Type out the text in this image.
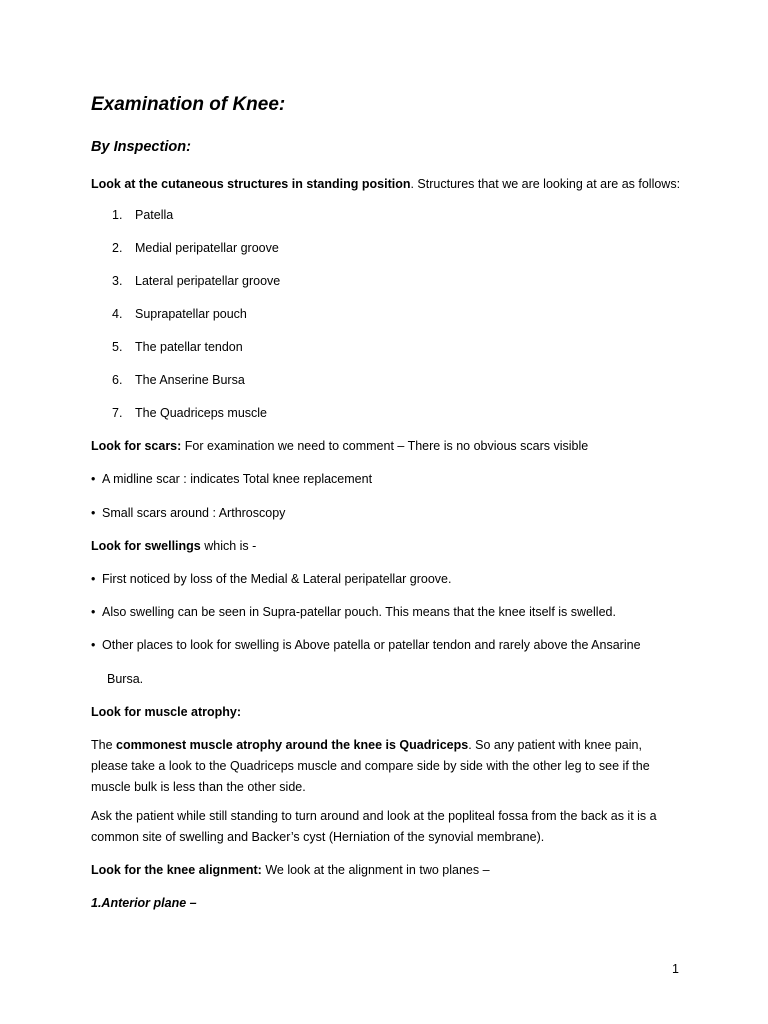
Examination of Knee:
By Inspection:
Look at the cutaneous structures in standing position. Structures that we are looking at are as follows:
1. Patella
2. Medial peripatellar groove
3. Lateral peripatellar groove
4. Suprapatellar pouch
5. The patellar tendon
6. The Anserine Bursa
7. The Quadriceps muscle
Look for scars: For examination we need to comment – There is no obvious scars visible
• A midline scar : indicates Total knee replacement
• Small scars around : Arthroscopy
Look for swellings which is -
• First noticed by loss of the Medial & Lateral peripatellar groove.
• Also swelling can be seen in Supra-patellar pouch. This means that the knee itself is swelled.
• Other places to look for swelling is Above patella or patellar tendon and rarely above the Ansarine
Bursa.
Look for muscle atrophy:
The commonest muscle atrophy around the knee is Quadriceps. So any patient with knee pain, please take a look to the Quadriceps muscle and compare side by side with the other leg to see if the muscle bulk is less than the other side.
Ask the patient while still standing to turn around and look at the popliteal fossa from the back as it is a common site of swelling and Backer’s cyst (Herniation of the synovial membrane).
Look for the knee alignment: We look at the alignment in two planes –
1.Anterior plane –
1
